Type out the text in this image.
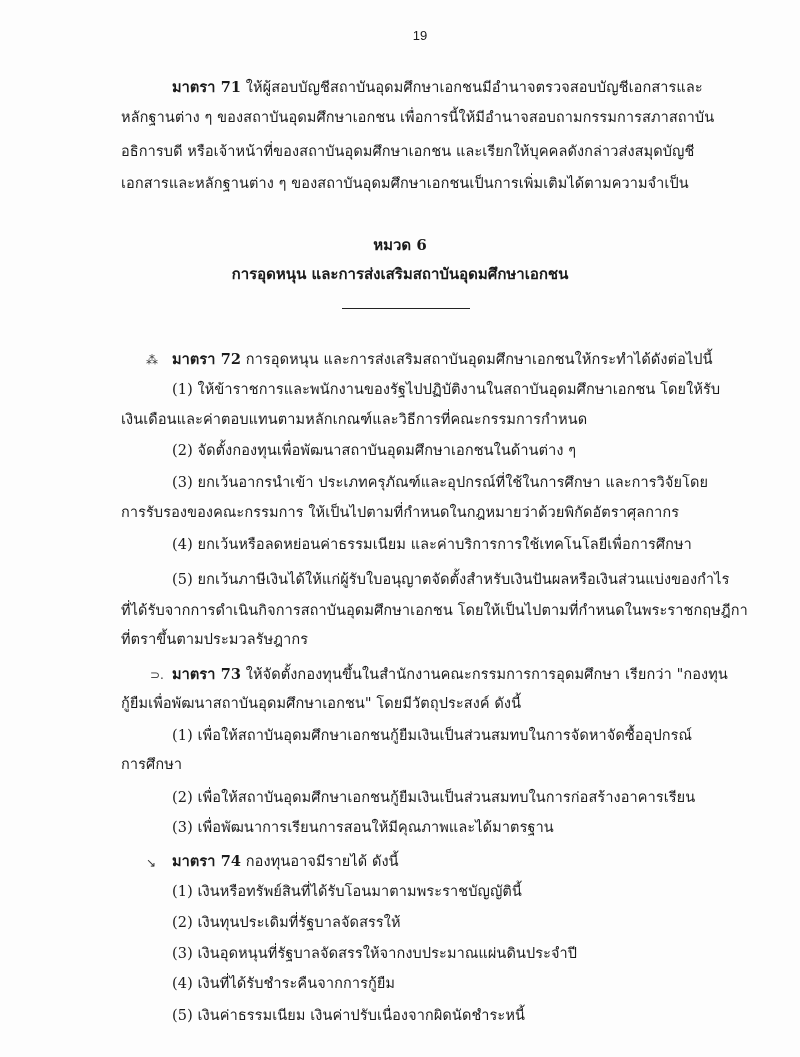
19
มาตรา 71 ให้ผู้สอบบัญชีสถาบันอุดมศึกษาเอกชนมีอำนาจตรวจสอบบัญชีเอกสารและ
หลักฐานต่าง ๆ ของสถาบันอุดมศึกษาเอกชน เพื่อการนี้ให้มีอำนาจสอบถามกรรมการสภาสถาบัน
อธิการบดี หรือเจ้าหน้าที่ของสถาบันอุดมศึกษาเอกชน และเรียกให้บุคคลดังกล่าวส่งสมุดบัญชี
เอกสารและหลักฐานต่าง ๆ ของสถาบันอุดมศึกษาเอกชนเป็นการเพิ่มเติมได้ตามความจำเป็น
หมวด 6
การอุดหนุน และการส่งเสริมสถาบันอุดมศึกษาเอกชน
⁂ มาตรา 72 การอุดหนุน และการส่งเสริมสถาบันอุดมศึกษาเอกชนให้กระทำได้ดังต่อไปนี้
(1) ให้ข้าราชการและพนักงานของรัฐไปปฏิบัติงานในสถาบันอุดมศึกษาเอกชน โดยให้รับ
เงินเดือนและค่าตอบแทนตามหลักเกณฑ์และวิธีการที่คณะกรรมการกำหนด
(2) จัดตั้งกองทุนเพื่อพัฒนาสถาบันอุดมศึกษาเอกชนในด้านต่าง ๆ
(3) ยกเว้นอากรนำเข้า ประเภทครุภัณฑ์และอุปกรณ์ที่ใช้ในการศึกษา และการวิจัยโดย
การรับรองของคณะกรรมการ ให้เป็นไปตามที่กำหนดในกฎหมายว่าด้วยพิกัดอัตราศุลกากร
(4) ยกเว้นหรือลดหย่อนค่าธรรมเนียม และค่าบริการการใช้เทคโนโลยีเพื่อการศึกษา
(5) ยกเว้นภาษีเงินได้ให้แก่ผู้รับใบอนุญาตจัดตั้งสำหรับเงินปันผลหรือเงินส่วนแบ่งของกำไร
ที่ได้รับจากการดำเนินกิจการสถาบันอุดมศึกษาเอกชน โดยให้เป็นไปตามที่กำหนดในพระราชกฤษฎีกา
ที่ตราขึ้นตามประมวลรัษฎากร
⊃. มาตรา 73 ให้จัดตั้งกองทุนขึ้นในสำนักงานคณะกรรมการการอุดมศึกษา เรียกว่า "กองทุน
กู้ยืมเพื่อพัฒนาสถาบันอุดมศึกษาเอกชน" โดยมีวัตถุประสงค์ ดังนี้
(1) เพื่อให้สถาบันอุดมศึกษาเอกชนกู้ยืมเงินเป็นส่วนสมทบในการจัดหาจัดซื้ออุปกรณ์
การศึกษา
(2) เพื่อให้สถาบันอุดมศึกษาเอกชนกู้ยืมเงินเป็นส่วนสมทบในการก่อสร้างอาคารเรียน
(3) เพื่อพัฒนาการเรียนการสอนให้มีคุณภาพและได้มาตรฐาน
↘ มาตรา 74 กองทุนอาจมีรายได้ ดังนี้
(1) เงินหรือทรัพย์สินที่ได้รับโอนมาตามพระราชบัญญัตินี้
(2) เงินทุนประเดิมที่รัฐบาลจัดสรรให้
(3) เงินอุดหนุนที่รัฐบาลจัดสรรให้จากงบประมาณแผ่นดินประจำปี
(4) เงินที่ได้รับชำระคืนจากการกู้ยืม
(5) เงินค่าธรรมเนียม เงินค่าปรับเนื่องจากผิดนัดชำระหนี้
